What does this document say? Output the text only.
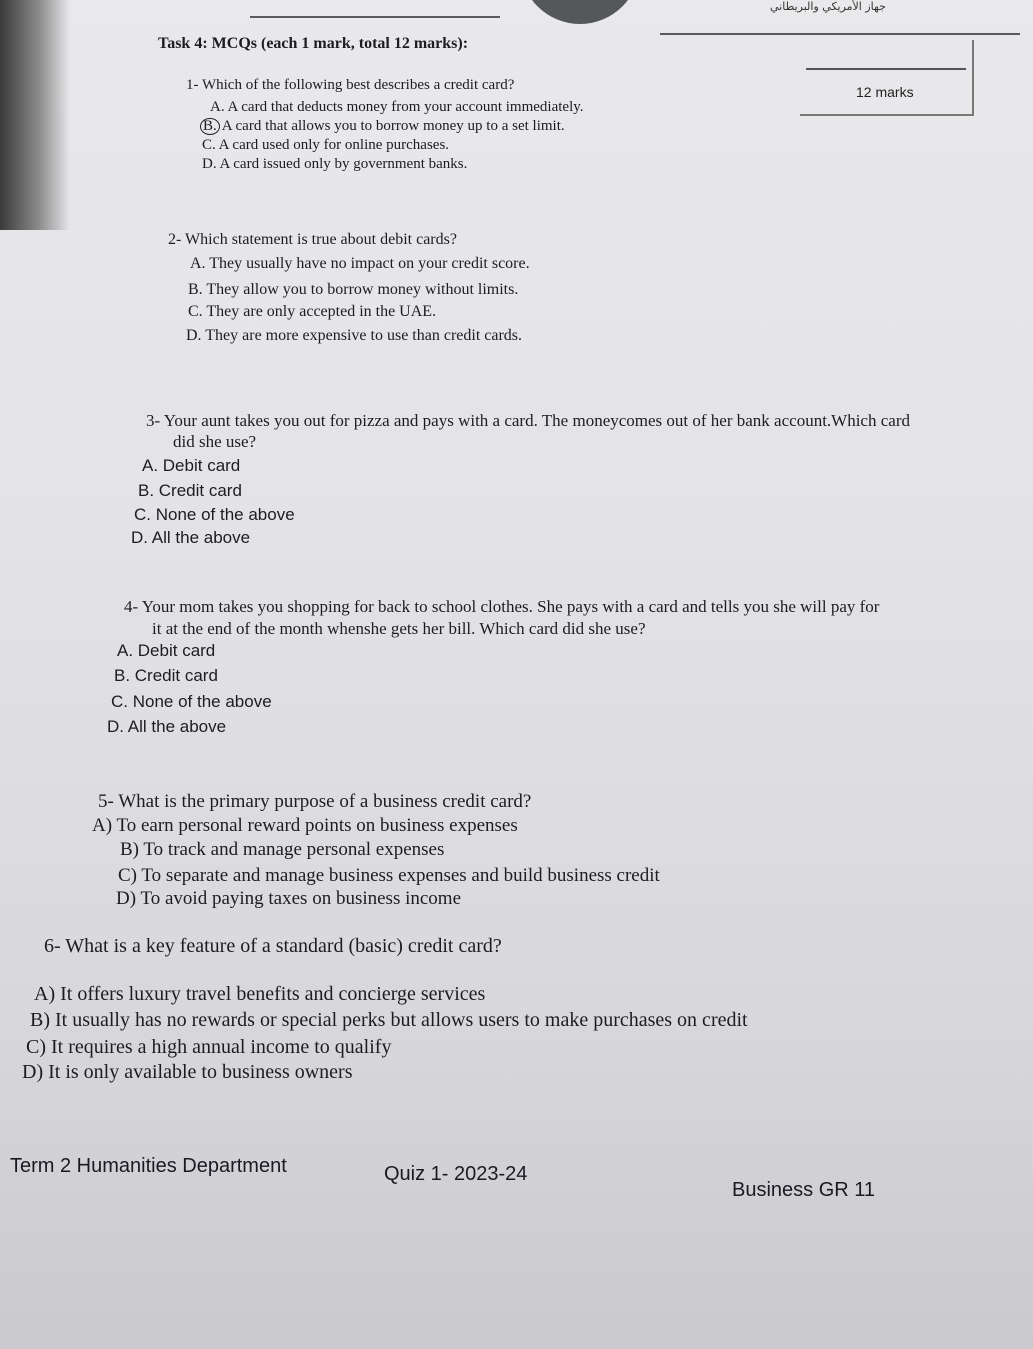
جهاز الأمريكي والبريطاني
12 marks
Task 4: MCQs (each 1 mark, total 12 marks):
1- Which of the following best describes a credit card?
A. A card that deducts money from your account immediately.
B. A card that allows you to borrow money up to a set limit.
C. A card used only for online purchases.
D. A card issued only by government banks.
2- Which statement is true about debit cards?
A. They usually have no impact on your credit score.
B. They allow you to borrow money without limits.
C. They are only accepted in the UAE.
D. They are more expensive to use than credit cards.
3- Your aunt takes you out for pizza and pays with a card. The moneycomes out of her bank account.Which card
did she use?
A. Debit card
B. Credit card
C. None of the above
D. All the above
4- Your mom takes you shopping for back to school clothes. She pays with a card and tells you she will pay for
it at the end of the month whenshe gets her bill. Which card did she use?
A. Debit card
B. Credit card
C. None of the above
D. All the above
5- What is the primary purpose of a business credit card?
A) To earn personal reward points on business expenses
B) To track and manage personal expenses
C) To separate and manage business expenses and build business credit
D) To avoid paying taxes on business income
6- What is a key feature of a standard (basic) credit card?
A) It offers luxury travel benefits and concierge services
B) It usually has no rewards or special perks but allows users to make purchases on credit
C) It requires a high annual income to qualify
D) It is only available to business owners
Term 2 Humanities Department	Quiz 1- 2023-24
Business GR 11
